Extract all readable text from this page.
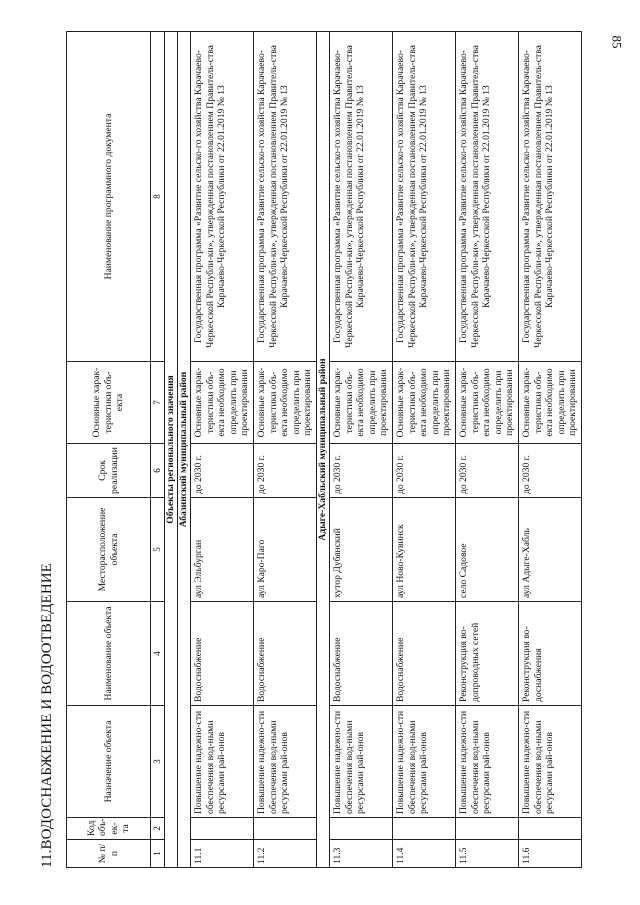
85
11.ВОДОСНАБЖЕНИЕ И ВОДООТВЕДЕНИЕ	№ п/п	Код объ-ек-та	Назначение объекта	Наименование объекта	Месторасположение объекта	Срок реализации	Основные харак-теристики объ-екта	Наименование программного документа
1	2	3	4	5	6	7	8
Объекты регионального значения							
Абазинский муниципальный район							
11.1		Повышение надежно-сти обеспечения вод-ными ресурсами рай-онов	Водоснабжение	аул Эльбурган	до 2030 г.	Основные харак-теристики объ-екта необходимо определить при проектировании	Государственная программа «Развитие сельско-го хозяйства Карачаево-Черкесской Республи-ки», утвержденная постановлением Правитель-ства Карачаево-Черкесской Республики от 22.01.2019 № 13
11.2		Повышение надежно-сти обеспечения вод-ными ресурсами рай-онов	Водоснабжение	аул Каро-Паго	до 2030 г.	Основные харак-теристики объ-екта необходимо определить при проектировании	Государственная программа «Развитие сельско-го хозяйства Карачаево-Черкесской Республи-ки», утвержденная постановлением Правитель-ства Карачаево-Черкесской Республики от 22.01.2019 № 13
Адыге-Хабльский муниципальный район							
11.3		Повышение надежно-сти обеспечения вод-ными ресурсами рай-онов	Водоснабжение	хутор Дубянский	до 2030 г.	Основные харак-теристики объ-екта необходимо определить при проектировании	Государственная программа «Развитие сельско-го хозяйства Карачаево-Черкесской Республи-ки», утвержденная постановлением Правитель-ства Карачаево-Черкесской Республики от 22.01.2019 № 13
11.4		Повышение надежно-сти обеспечения вод-ными ресурсами рай-онов	Водоснабжение	аул Ново-Кувинск	до 2030 г.	Основные харак-теристики объ-екта необходимо определить при проектировании	Государственная программа «Развитие сельско-го хозяйства Карачаево-Черкесской Республи-ки», утвержденная постановлением Правитель-ства Карачаево-Черкесской Республики от 22.01.2019 № 13
11.5		Повышение надежно-сти обеспечения вод-ными ресурсами рай-онов	Реконструкция во-допроводных сетей	село Садовое	до 2030 г.	Основные харак-теристики объ-екта необходимо определить при проектировании	Государственная программа «Развитие сельско-го хозяйства Карачаево-Черкесской Республи-ки», утвержденная постановлением Правитель-ства Карачаево-Черкесской Республики от 22.01.2019 № 13
11.6		Повышение надежно-сти обеспечения вод-ными ресурсами рай-онов	Реконструкция во-доснабжения	аул Адыге-Хабль	до 2030 г.	Основные харак-теристики объ-екта необходимо определить при проектировании	Государственная программа «Развитие сельско-го хозяйства Карачаево-Черкесской Республи-ки», утвержденная постановлением Правитель-ства Карачаево-Черкесской Республики от 22.01.2019 № 13
